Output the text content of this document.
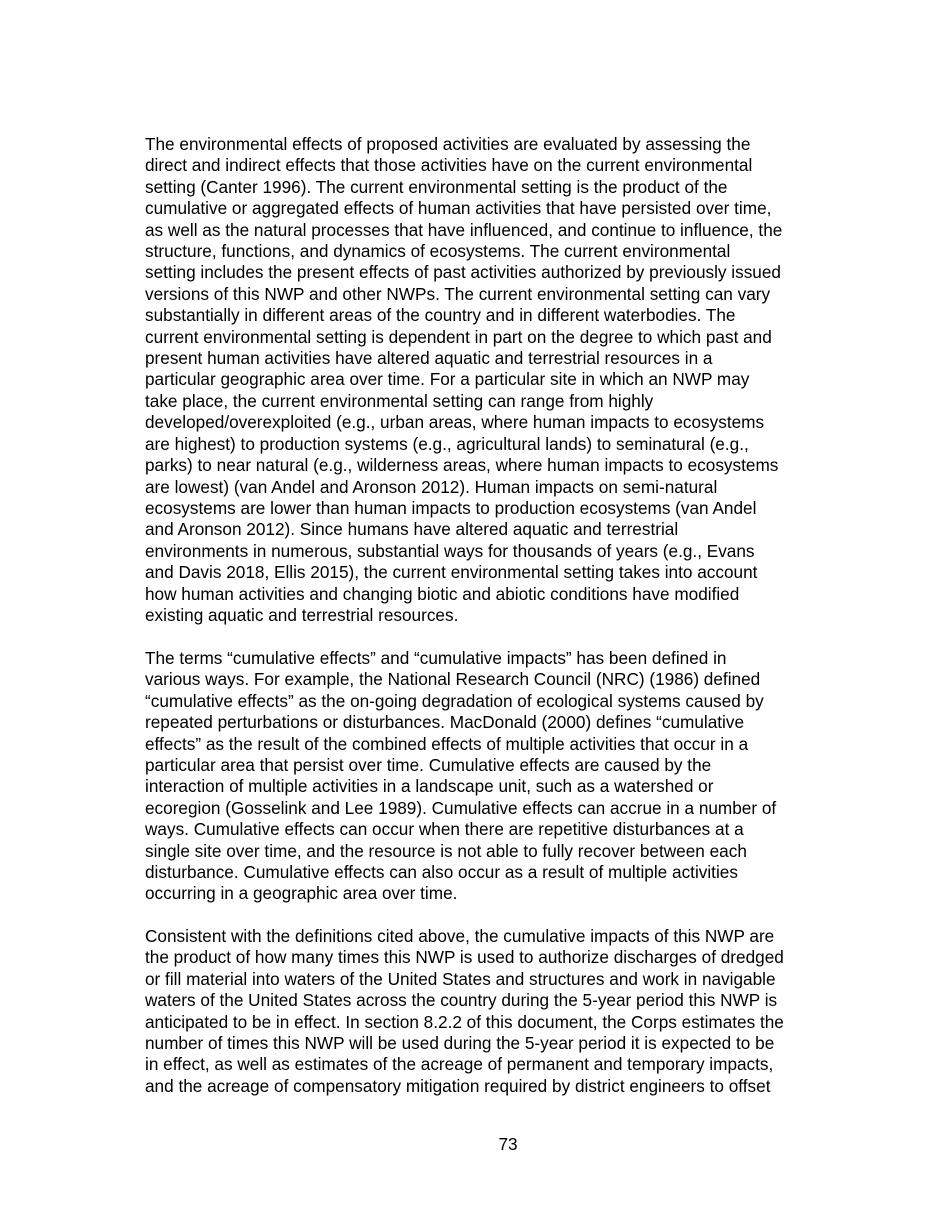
The environmental effects of proposed activities are evaluated by assessing the
direct and indirect effects that those activities have on the current environmental
setting (Canter 1996). The current environmental setting is the product of the
cumulative or aggregated effects of human activities that have persisted over time,
as well as the natural processes that have influenced, and continue to influence, the
structure, functions, and dynamics of ecosystems. The current environmental
setting includes the present effects of past activities authorized by previously issued
versions of this NWP and other NWPs. The current environmental setting can vary
substantially in different areas of the country and in different waterbodies. The
current environmental setting is dependent in part on the degree to which past and
present human activities have altered aquatic and terrestrial resources in a
particular geographic area over time. For a particular site in which an NWP may
take place, the current environmental setting can range from highly
developed/overexploited (e.g., urban areas, where human impacts to ecosystems
are highest) to production systems (e.g., agricultural lands) to seminatural (e.g.,
parks) to near natural (e.g., wilderness areas, where human impacts to ecosystems
are lowest) (van Andel and Aronson 2012). Human impacts on semi-natural
ecosystems are lower than human impacts to production ecosystems (van Andel
and Aronson 2012). Since humans have altered aquatic and terrestrial
environments in numerous, substantial ways for thousands of years (e.g., Evans
and Davis 2018, Ellis 2015), the current environmental setting takes into account
how human activities and changing biotic and abiotic conditions have modified
existing aquatic and terrestrial resources.

The terms “cumulative effects” and “cumulative impacts” has been defined in
various ways. For example, the National Research Council (NRC) (1986) defined
“cumulative effects” as the on-going degradation of ecological systems caused by
repeated perturbations or disturbances. MacDonald (2000) defines “cumulative
effects” as the result of the combined effects of multiple activities that occur in a
particular area that persist over time. Cumulative effects are caused by the
interaction of multiple activities in a landscape unit, such as a watershed or
ecoregion (Gosselink and Lee 1989). Cumulative effects can accrue in a number of
ways. Cumulative effects can occur when there are repetitive disturbances at a
single site over time, and the resource is not able to fully recover between each
disturbance. Cumulative effects can also occur as a result of multiple activities
occurring in a geographic area over time.

Consistent with the definitions cited above, the cumulative impacts of this NWP are
the product of how many times this NWP is used to authorize discharges of dredged
or fill material into waters of the United States and structures and work in navigable
waters of the United States across the country during the 5-year period this NWP is
anticipated to be in effect. In section 8.2.2 of this document, the Corps estimates the
number of times this NWP will be used during the 5-year period it is expected to be
in effect, as well as estimates of the acreage of permanent and temporary impacts,
and the acreage of compensatory mitigation required by district engineers to offset

73
